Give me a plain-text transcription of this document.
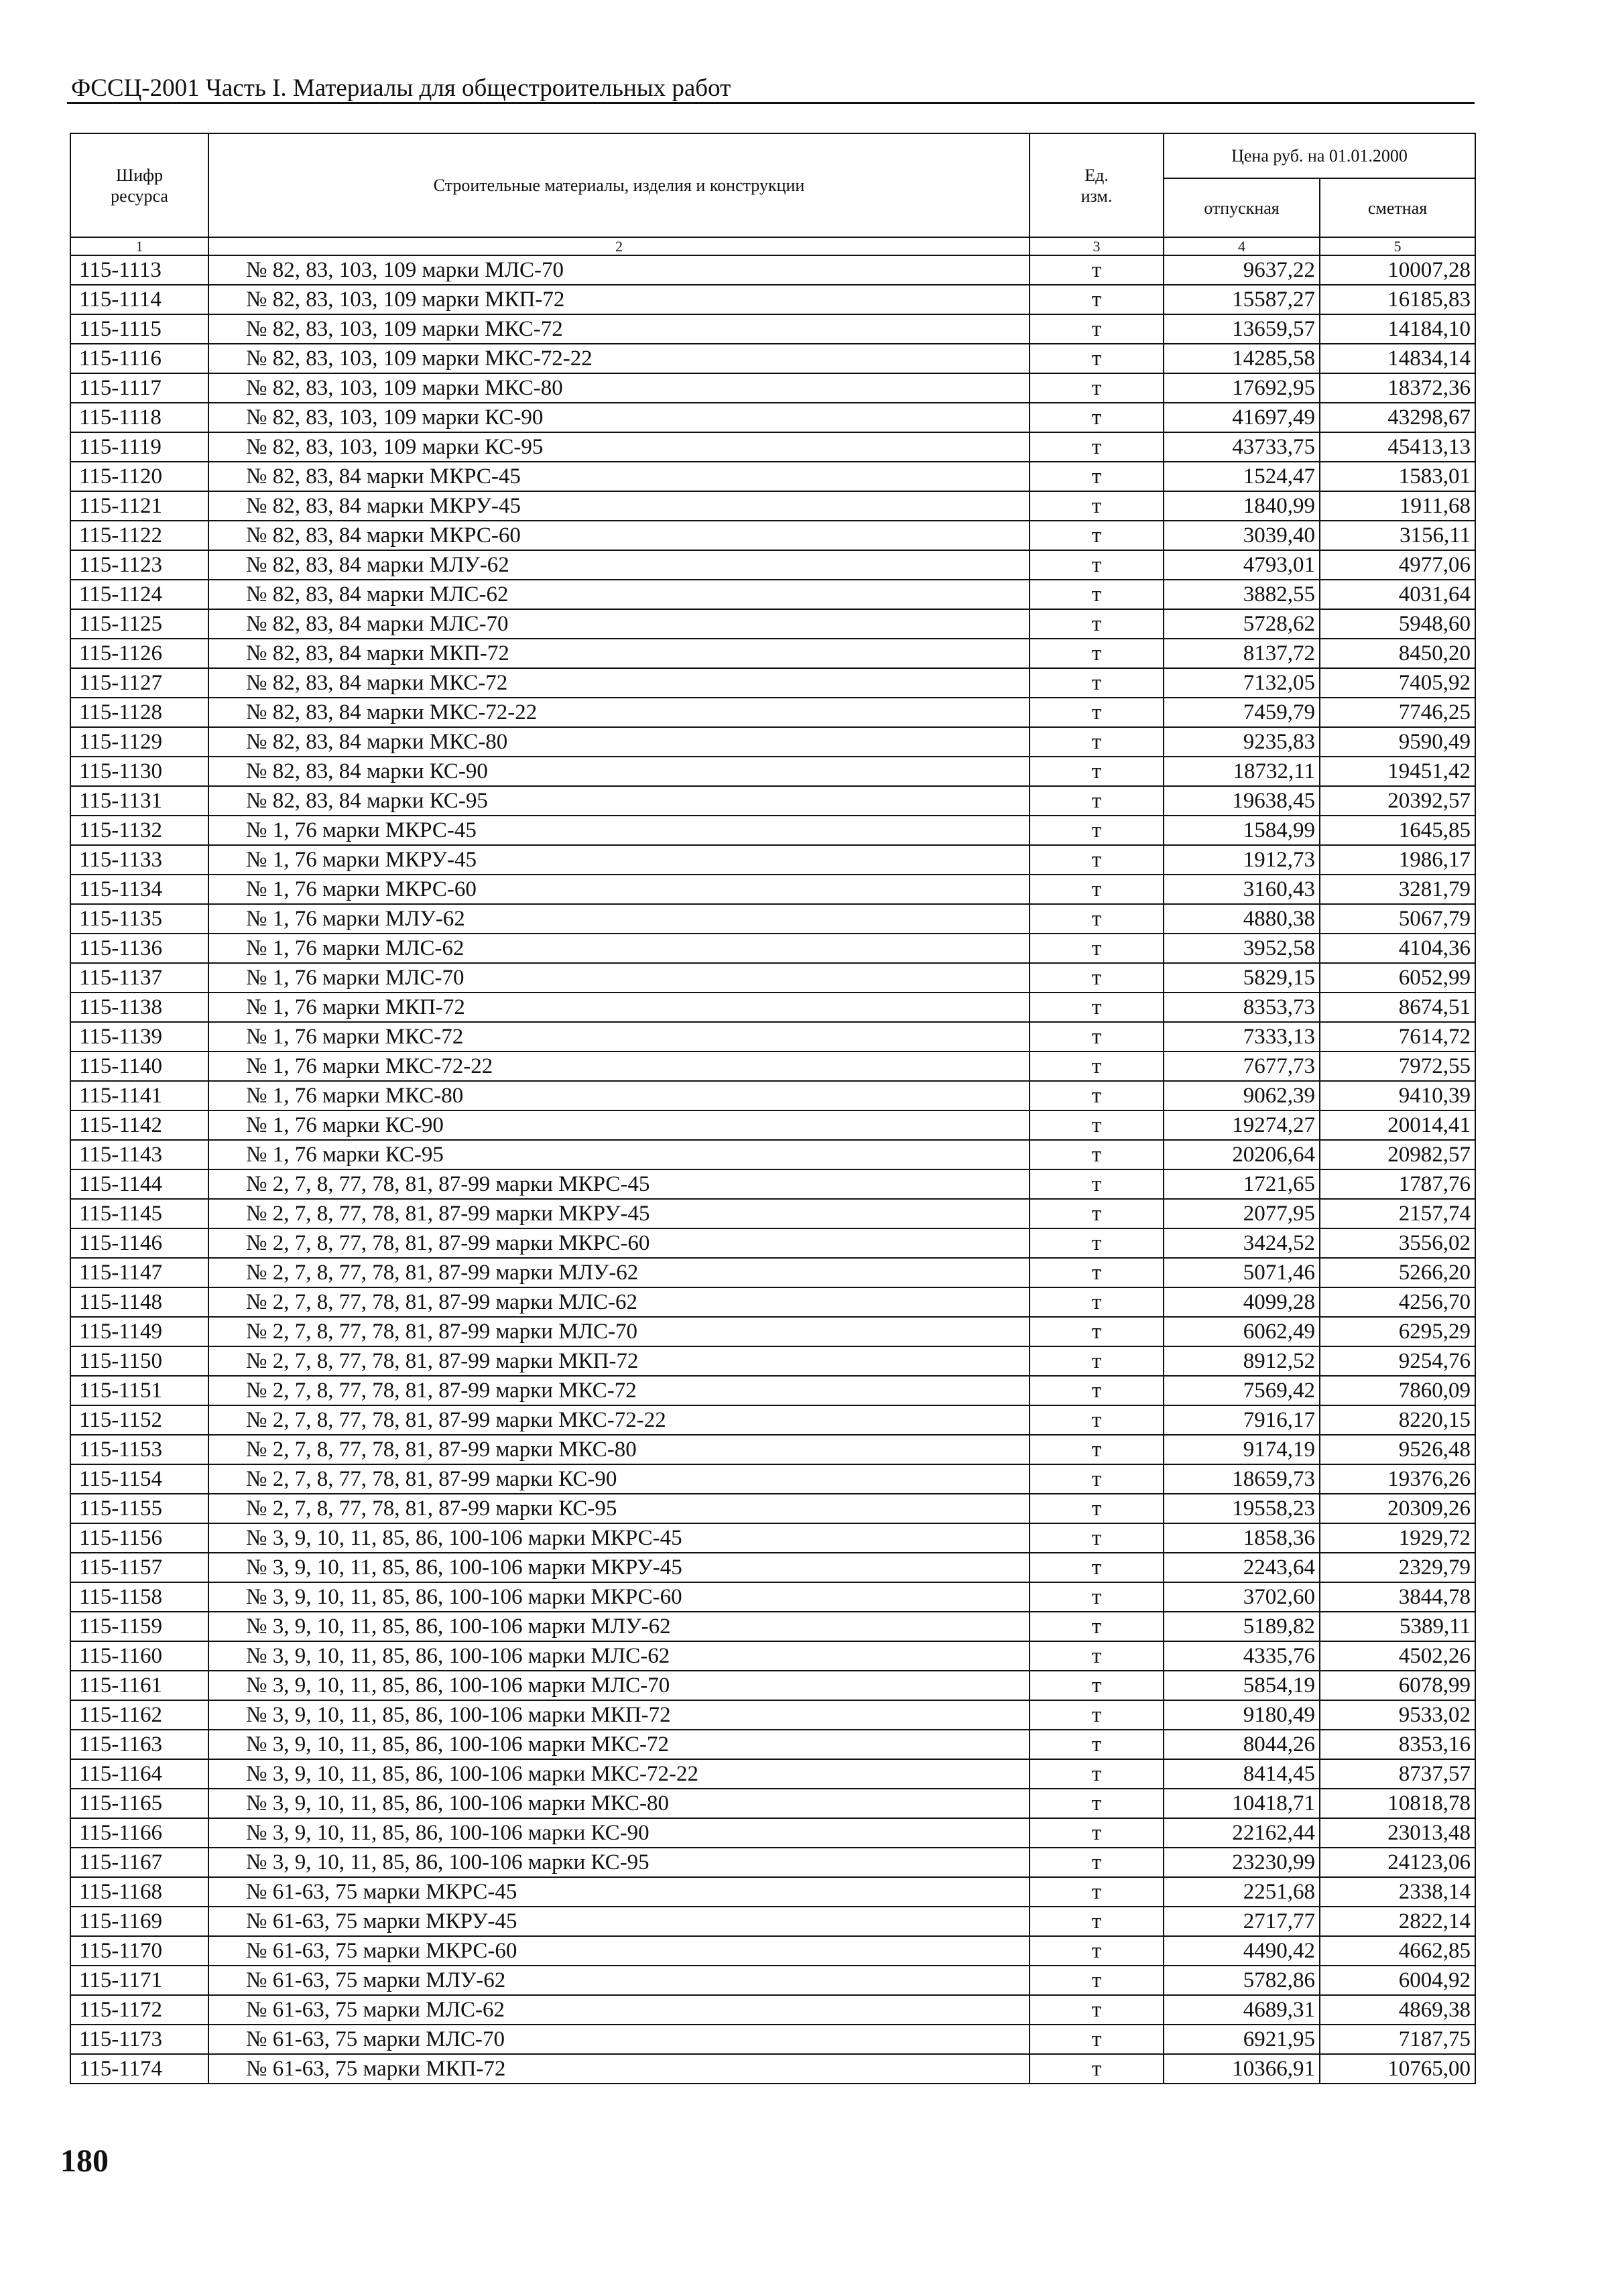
ФССЦ-2001 Часть I. Материалы для общестроительных работ
Шифр ресурса	Строительные материалы, изделия и конструкции	Ед. изм.	Цена руб. на 01.01.2000	
			отпускная	сметная
1	2	3	4	5
115-1113	№ 82, 83, 103, 109 марки МЛС-70	т	9637,22	10007,28
115-1114	№ 82, 83, 103, 109 марки МКП-72	т	15587,27	16185,83
115-1115	№ 82, 83, 103, 109 марки МКС-72	т	13659,57	14184,10
115-1116	№ 82, 83, 103, 109 марки МКС-72-22	т	14285,58	14834,14
115-1117	№ 82, 83, 103, 109 марки МКС-80	т	17692,95	18372,36
115-1118	№ 82, 83, 103, 109 марки КС-90	т	41697,49	43298,67
115-1119	№ 82, 83, 103, 109 марки КС-95	т	43733,75	45413,13
115-1120	№ 82, 83, 84 марки МКРС-45	т	1524,47	1583,01
115-1121	№ 82, 83, 84 марки МКРУ-45	т	1840,99	1911,68
115-1122	№ 82, 83, 84 марки МКРС-60	т	3039,40	3156,11
115-1123	№ 82, 83, 84 марки МЛУ-62	т	4793,01	4977,06
115-1124	№ 82, 83, 84 марки МЛС-62	т	3882,55	4031,64
115-1125	№ 82, 83, 84 марки МЛС-70	т	5728,62	5948,60
115-1126	№ 82, 83, 84 марки МКП-72	т	8137,72	8450,20
115-1127	№ 82, 83, 84 марки МКС-72	т	7132,05	7405,92
115-1128	№ 82, 83, 84 марки МКС-72-22	т	7459,79	7746,25
115-1129	№ 82, 83, 84 марки МКС-80	т	9235,83	9590,49
115-1130	№ 82, 83, 84 марки КС-90	т	18732,11	19451,42
115-1131	№ 82, 83, 84 марки КС-95	т	19638,45	20392,57
115-1132	№ 1, 76 марки МКРС-45	т	1584,99	1645,85
115-1133	№ 1, 76 марки МКРУ-45	т	1912,73	1986,17
115-1134	№ 1, 76 марки МКРС-60	т	3160,43	3281,79
115-1135	№ 1, 76 марки МЛУ-62	т	4880,38	5067,79
115-1136	№ 1, 76 марки МЛС-62	т	3952,58	4104,36
115-1137	№ 1, 76 марки МЛС-70	т	5829,15	6052,99
115-1138	№ 1, 76 марки МКП-72	т	8353,73	8674,51
115-1139	№ 1, 76 марки МКС-72	т	7333,13	7614,72
115-1140	№ 1, 76 марки МКС-72-22	т	7677,73	7972,55
115-1141	№ 1, 76 марки МКС-80	т	9062,39	9410,39
115-1142	№ 1, 76 марки КС-90	т	19274,27	20014,41
115-1143	№ 1, 76 марки КС-95	т	20206,64	20982,57
115-1144	№ 2, 7, 8, 77, 78, 81, 87-99 марки МКРС-45	т	1721,65	1787,76
115-1145	№ 2, 7, 8, 77, 78, 81, 87-99 марки МКРУ-45	т	2077,95	2157,74
115-1146	№ 2, 7, 8, 77, 78, 81, 87-99 марки МКРС-60	т	3424,52	3556,02
115-1147	№ 2, 7, 8, 77, 78, 81, 87-99 марки МЛУ-62	т	5071,46	5266,20
115-1148	№ 2, 7, 8, 77, 78, 81, 87-99 марки МЛС-62	т	4099,28	4256,70
115-1149	№ 2, 7, 8, 77, 78, 81, 87-99 марки МЛС-70	т	6062,49	6295,29
115-1150	№ 2, 7, 8, 77, 78, 81, 87-99 марки МКП-72	т	8912,52	9254,76
115-1151	№ 2, 7, 8, 77, 78, 81, 87-99 марки МКС-72	т	7569,42	7860,09
115-1152	№ 2, 7, 8, 77, 78, 81, 87-99 марки МКС-72-22	т	7916,17	8220,15
115-1153	№ 2, 7, 8, 77, 78, 81, 87-99 марки МКС-80	т	9174,19	9526,48
115-1154	№ 2, 7, 8, 77, 78, 81, 87-99 марки КС-90	т	18659,73	19376,26
115-1155	№ 2, 7, 8, 77, 78, 81, 87-99 марки КС-95	т	19558,23	20309,26
115-1156	№ 3, 9, 10, 11, 85, 86, 100-106 марки МКРС-45	т	1858,36	1929,72
115-1157	№ 3, 9, 10, 11, 85, 86, 100-106 марки МКРУ-45	т	2243,64	2329,79
115-1158	№ 3, 9, 10, 11, 85, 86, 100-106 марки МКРС-60	т	3702,60	3844,78
115-1159	№ 3, 9, 10, 11, 85, 86, 100-106 марки МЛУ-62	т	5189,82	5389,11
115-1160	№ 3, 9, 10, 11, 85, 86, 100-106 марки МЛС-62	т	4335,76	4502,26
115-1161	№ 3, 9, 10, 11, 85, 86, 100-106 марки МЛС-70	т	5854,19	6078,99
115-1162	№ 3, 9, 10, 11, 85, 86, 100-106 марки МКП-72	т	9180,49	9533,02
115-1163	№ 3, 9, 10, 11, 85, 86, 100-106 марки МКС-72	т	8044,26	8353,16
115-1164	№ 3, 9, 10, 11, 85, 86, 100-106 марки МКС-72-22	т	8414,45	8737,57
115-1165	№ 3, 9, 10, 11, 85, 86, 100-106 марки МКС-80	т	10418,71	10818,78
115-1166	№ 3, 9, 10, 11, 85, 86, 100-106 марки КС-90	т	22162,44	23013,48
115-1167	№ 3, 9, 10, 11, 85, 86, 100-106 марки КС-95	т	23230,99	24123,06
115-1168	№ 61-63, 75 марки МКРС-45	т	2251,68	2338,14
115-1169	№ 61-63, 75 марки МКРУ-45	т	2717,77	2822,14
115-1170	№ 61-63, 75 марки МКРС-60	т	4490,42	4662,85
115-1171	№ 61-63, 75 марки МЛУ-62	т	5782,86	6004,92
115-1172	№ 61-63, 75 марки МЛС-62	т	4689,31	4869,38
115-1173	№ 61-63, 75 марки МЛС-70	т	6921,95	7187,75
115-1174	№ 61-63, 75 марки МКП-72	т	10366,91	10765,00
180
